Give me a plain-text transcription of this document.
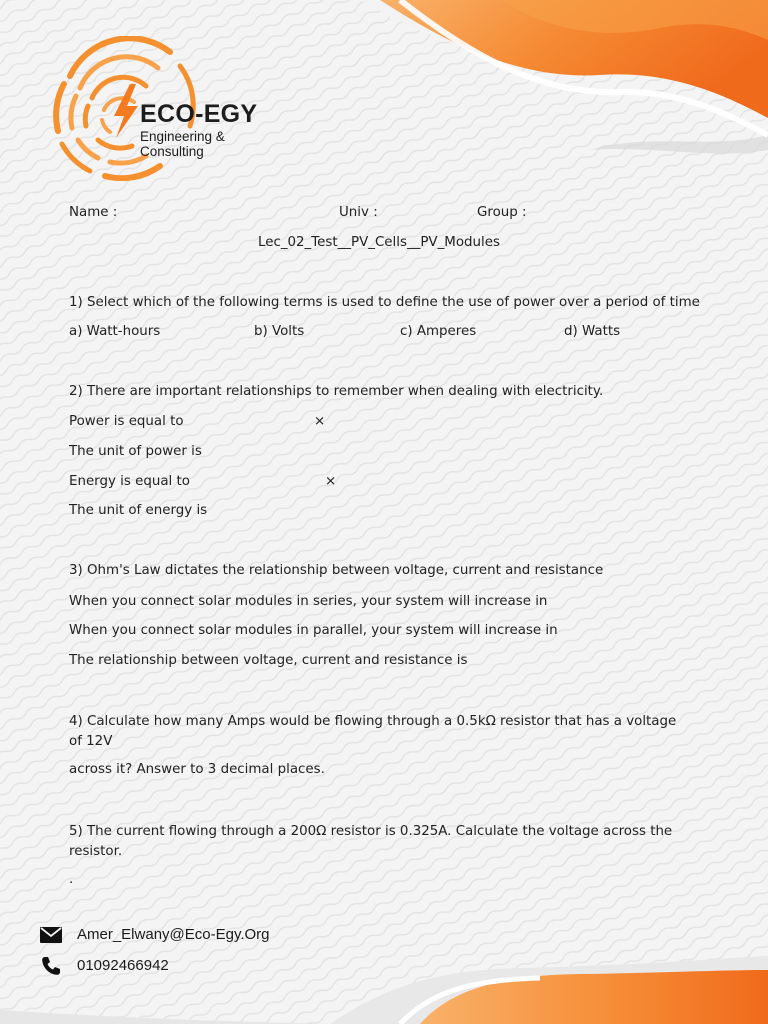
ECO-EGY
Engineering & Consulting
Name :	Univ :	Group :
Lec_02_Test__PV_Cells__PV_Modules
1) Select which of the following terms is used to define the use of power over a period of time
a) Watt-hours	b) Volts	c) Amperes	d) Watts
2) There are important relationships to remember when dealing with electricity.
Power is equal to	×
The unit of power is
Energy is equal to	×
The unit of energy is
3) Ohm's Law dictates the relationship between voltage, current and resistance
When you connect solar modules in series, your system will increase in
When you connect solar modules in parallel, your system will increase in
The relationship between voltage, current and resistance is
4) Calculate how many Amps would be flowing through a 0.5kΩ resistor that has a voltage of 12V
across it? Answer to 3 decimal places.
5) The current flowing through a 200Ω resistor is 0.325A. Calculate the voltage across the resistor.
.
Amer_Elwany@Eco-Egy.Org
01092466942
